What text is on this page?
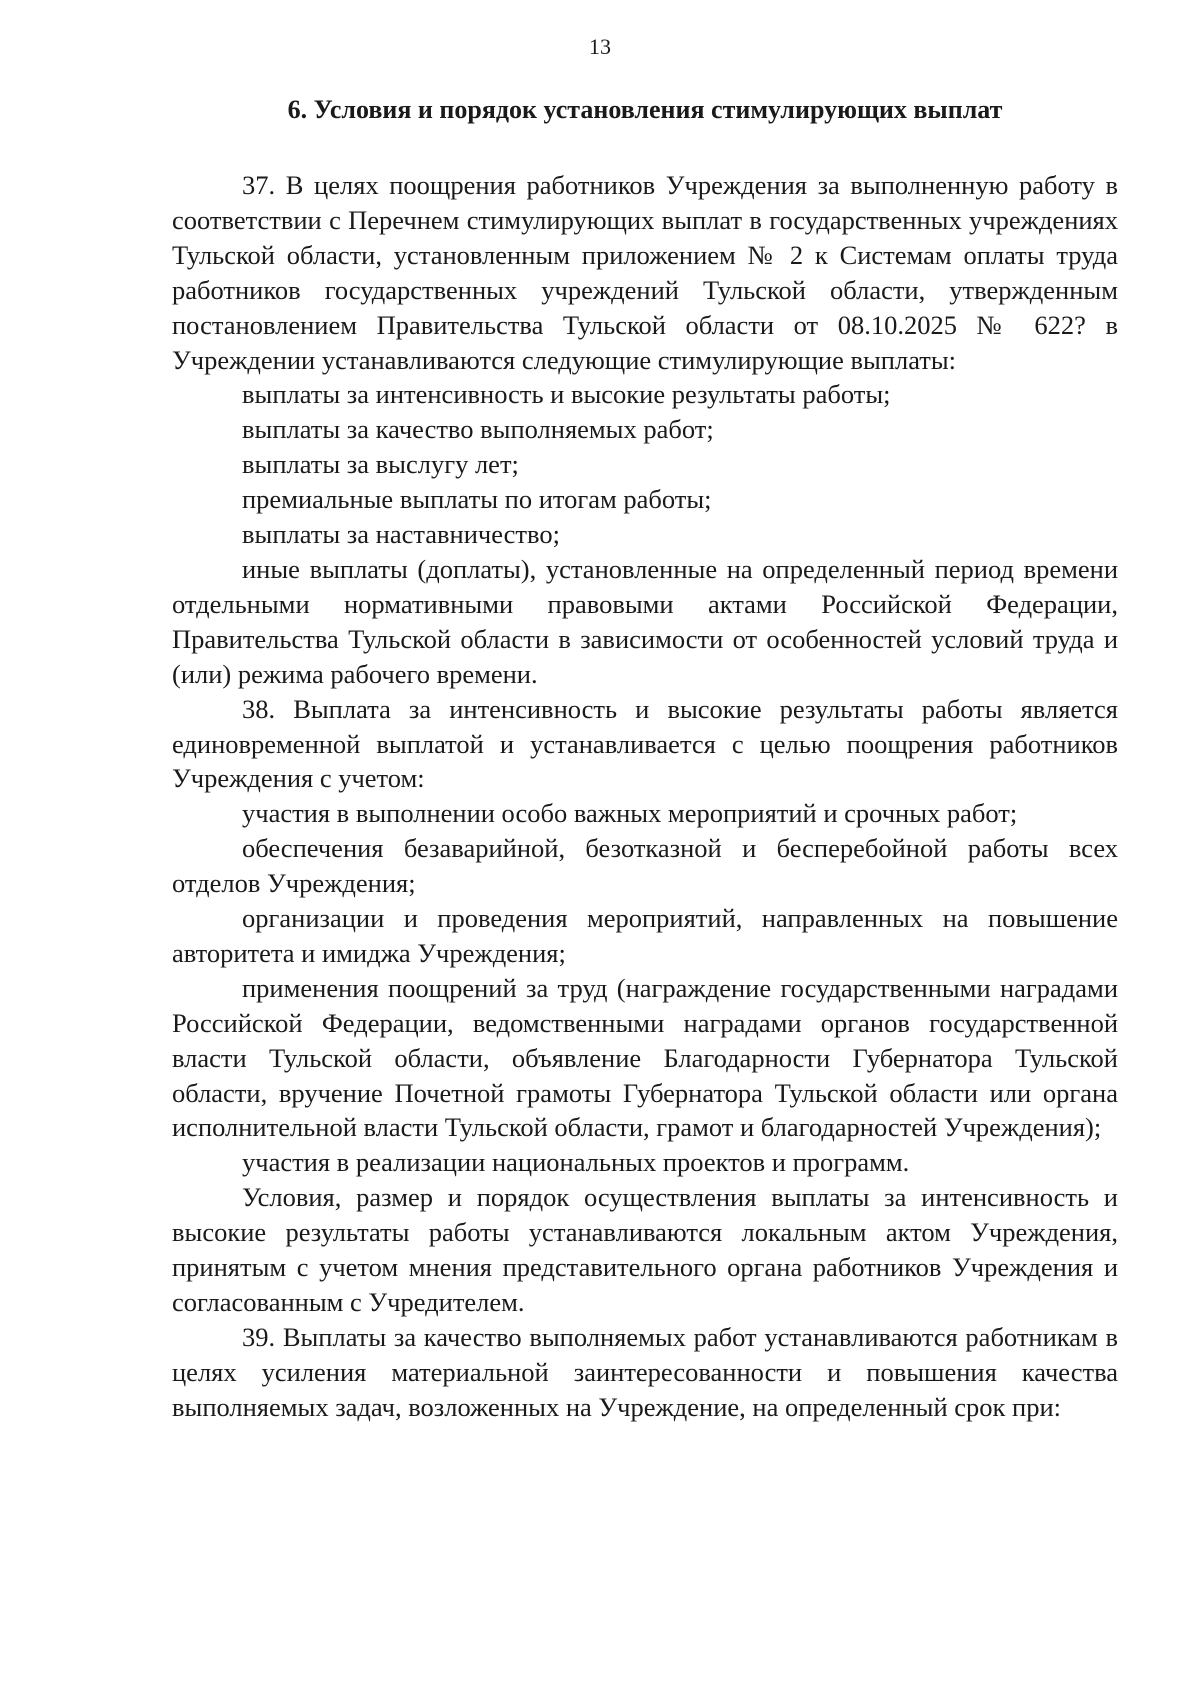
13
6. Условия и порядок установления стимулирующих выплат

37. В целях поощрения работников Учреждения за выполненную работу в соответствии с Перечнем стимулирующих выплат в государственных учреждениях Тульской области, установленным приложением № 2 к Системам оплаты труда работников государственных учреждений Тульской области, утвержденным постановлением Правительства Тульской области от 08.10.2025 № 622? в Учреждении устанавливаются следующие стимулирующие выплаты:

выплаты за интенсивность и высокие результаты работы;

выплаты за качество выполняемых работ;

выплаты за выслугу лет;

премиальные выплаты по итогам работы;

выплаты за наставничество;

иные выплаты (доплаты), установленные на определенный период времени отдельными нормативными правовыми актами Российской Федерации, Правительства Тульской области в зависимости от особенностей условий труда и (или) режима рабочего времени.

38. Выплата за интенсивность и высокие результаты работы является единовременной выплатой и устанавливается с целью поощрения работников Учреждения с учетом:

участия в выполнении особо важных мероприятий и срочных работ;

обеспечения безаварийной, безотказной и бесперебойной работы всех отделов Учреждения;

организации и проведения мероприятий, направленных на повышение авторитета и имиджа Учреждения;

применения поощрений за труд (награждение государственными наградами Российской Федерации, ведомственными наградами органов государственной власти Тульской области, объявление Благодарности Губернатора Тульской области, вручение Почетной грамоты Губернатора Тульской области или органа исполнительной власти Тульской области, грамот и благодарностей Учреждения);

участия в реализации национальных проектов и программ.

Условия, размер и порядок осуществления выплаты за интенсивность и высокие результаты работы устанавливаются локальным актом Учреждения, принятым с учетом мнения представительного органа работников Учреждения и согласованным с Учредителем.

39. Выплаты за качество выполняемых работ устанавливаются работникам в целях усиления материальной заинтересованности и повышения качества выполняемых задач, возложенных на Учреждение, на определенный срок при:
